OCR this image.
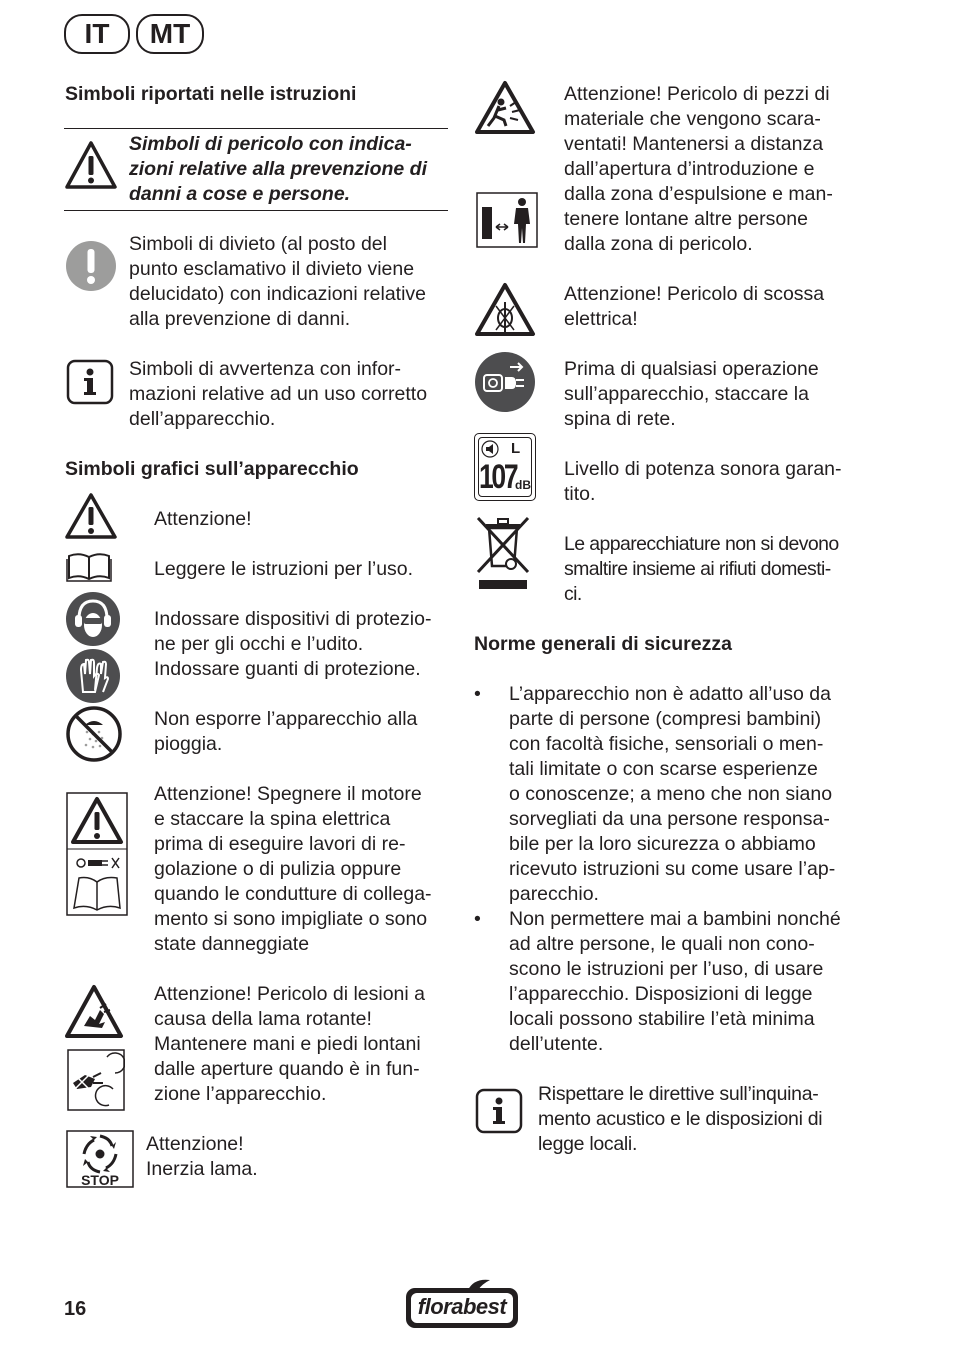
IT	MT
Simboli riportati nelle istruzioni
Simboli di pericolo con indica-
zioni relative alla prevenzione di
danni a cose e persone.
Simboli di divieto (al posto del
punto esclamativo il divieto viene
delucidato) con indicazioni relative
alla prevenzione di danni.
Simboli di avvertenza con infor-
mazioni relative ad un uso corretto
dell’apparecchio.
Simboli grafici sull’apparecchio
Attenzione!
Leggere le istruzioni per l’uso.
Indossare dispositivi di protezio-
ne per gli occhi e l’udito.
Indossare guanti di protezione.
Non esporre l’apparecchio alla
pioggia.
Attenzione! Spegnere il motore
e staccare la spina elettrica
prima di eseguire lavori di re-
golazione o di pulizia oppure
quando le condutture di collega-
mento si sono impigliate o sono
state danneggiate
Attenzione! Pericolo di lesioni a
causa della lama rotante!
Mantenere mani e piedi lontani
dalle aperture quando è in fun-
zione l’apparecchio.
STOP
Attenzione!
Inerzia lama.
Attenzione! Pericolo di pezzi di
materiale che vengono scara-
ventati! Mantenersi a distanza
dall’apertura d’introduzione e
dalla zona d’espulsione e man-
tenere lontane altre persone
dalla zona di pericolo.
Attenzione! Pericolo di scossa
elettrica!
Prima di qualsiasi operazione
sull’apparecchio, staccare la
spina di rete.
L
107
dB
Livello di potenza sonora garan-
tito.
Le apparecchiature non si devono
smaltire insieme ai rifiuti domesti-
ci.
Norme generali di sicurezza
• L’apparecchio non è adatto all’uso da
parte di persone (compresi bambini)
con facoltà fisiche, sensoriali o men-
tali limitate o con scarse esperienze
o conoscenze; a meno che non siano
sorvegliati da una persone responsa-
bile per la loro sicurezza o abbiamo
ricevuto istruzioni su come usare l’ap-
parecchio.
• Non permettere mai a bambini nonché
ad altre persone, le quali non cono-
scono le istruzioni per l’uso, di usare
l’apparecchio. Disposizioni di legge
locali possono stabilire l’età minima
dell’utente.
Rispettare le direttive sull’inquina-
mento acustico e le disposizioni di
legge locali.
16	florabest
